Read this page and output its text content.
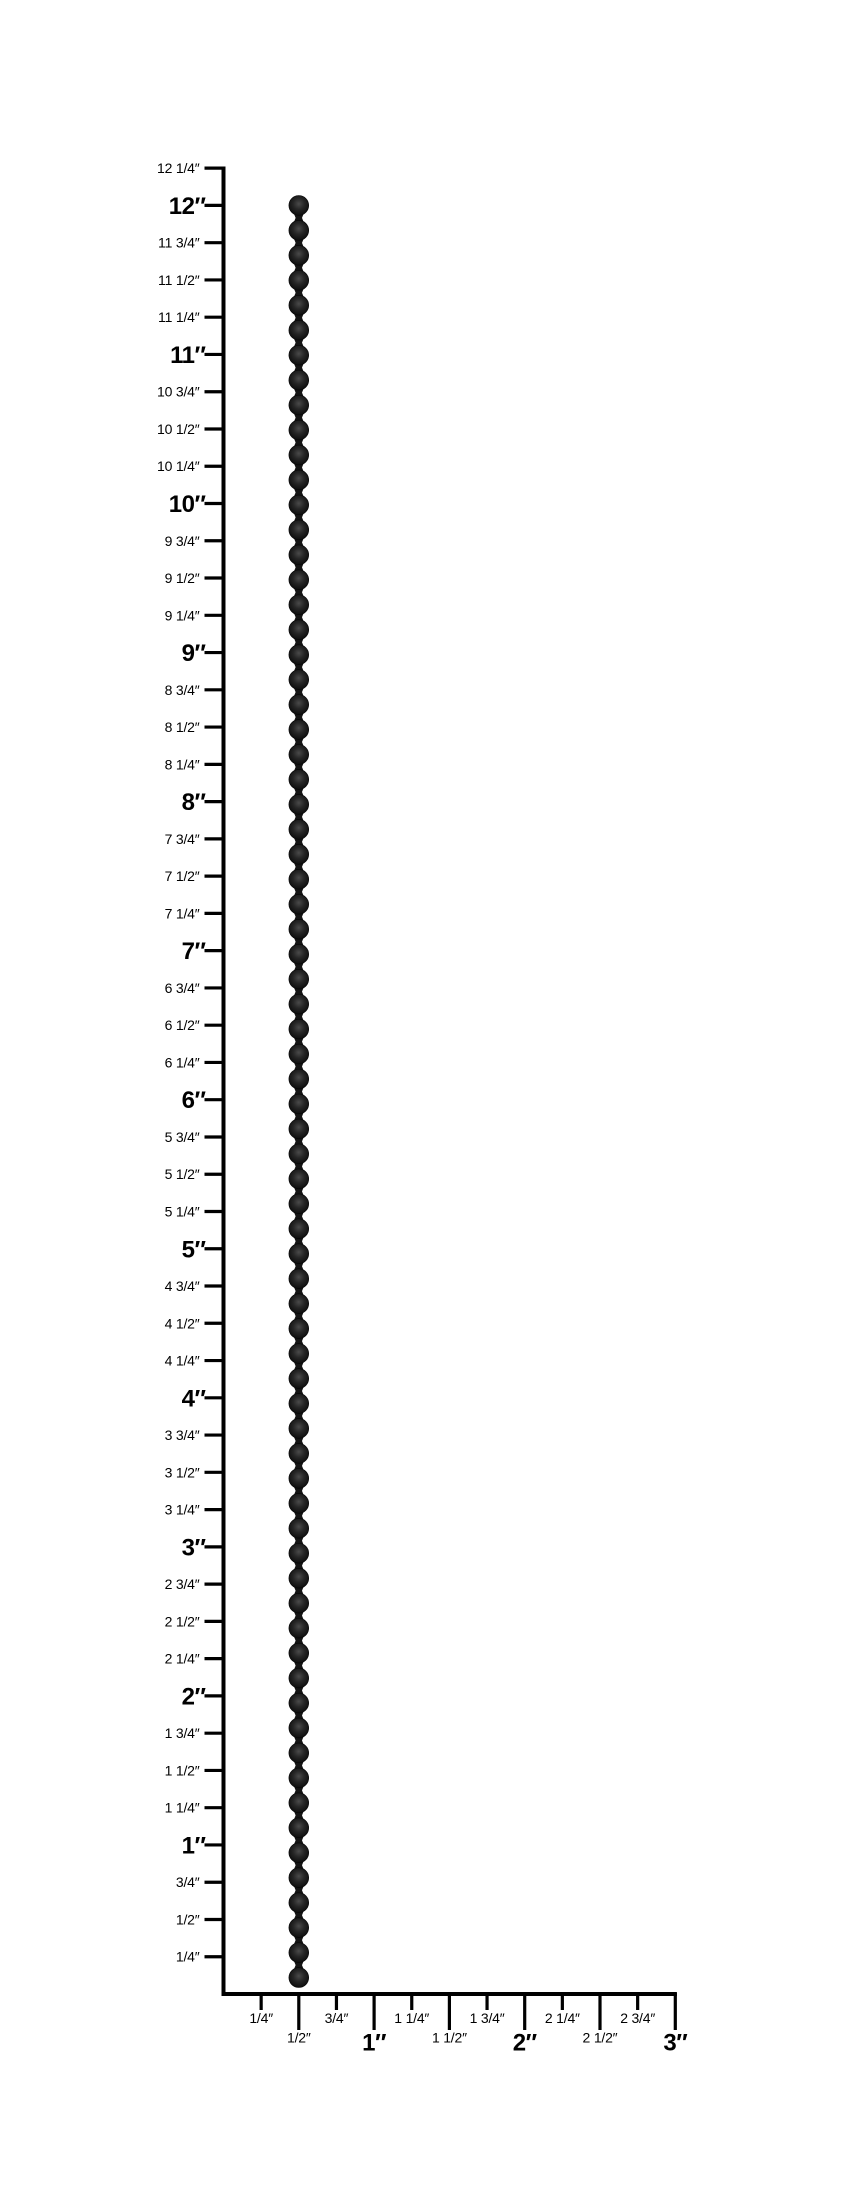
12 1/4″
12″
11 3/4″
11 1/2″
11 1/4″
11″
10 3/4″
10 1/2″
10 1/4″
10″
9 3/4″
9 1/2″
9 1/4″
9″
8 3/4″
8 1/2″
8 1/4″
8″
7 3/4″
7 1/2″
7 1/4″
7″
6 3/4″
6 1/2″
6 1/4″
6″
5 3/4″
5 1/2″
5 1/4″
5″
4 3/4″
4 1/2″
4 1/4″
4″
3 3/4″
3 1/2″
3 1/4″
3″
2 3/4″
2 1/2″
2 1/4″
2″
1 3/4″
1 1/2″
1 1/4″
1″
3/4″
1/2″
1/4″
1/4″
1/2″
3/4″
1″
1 1/4″
1 1/2″
1 3/4″
2″
2 1/4″
2 1/2″
2 3/4″
3″
